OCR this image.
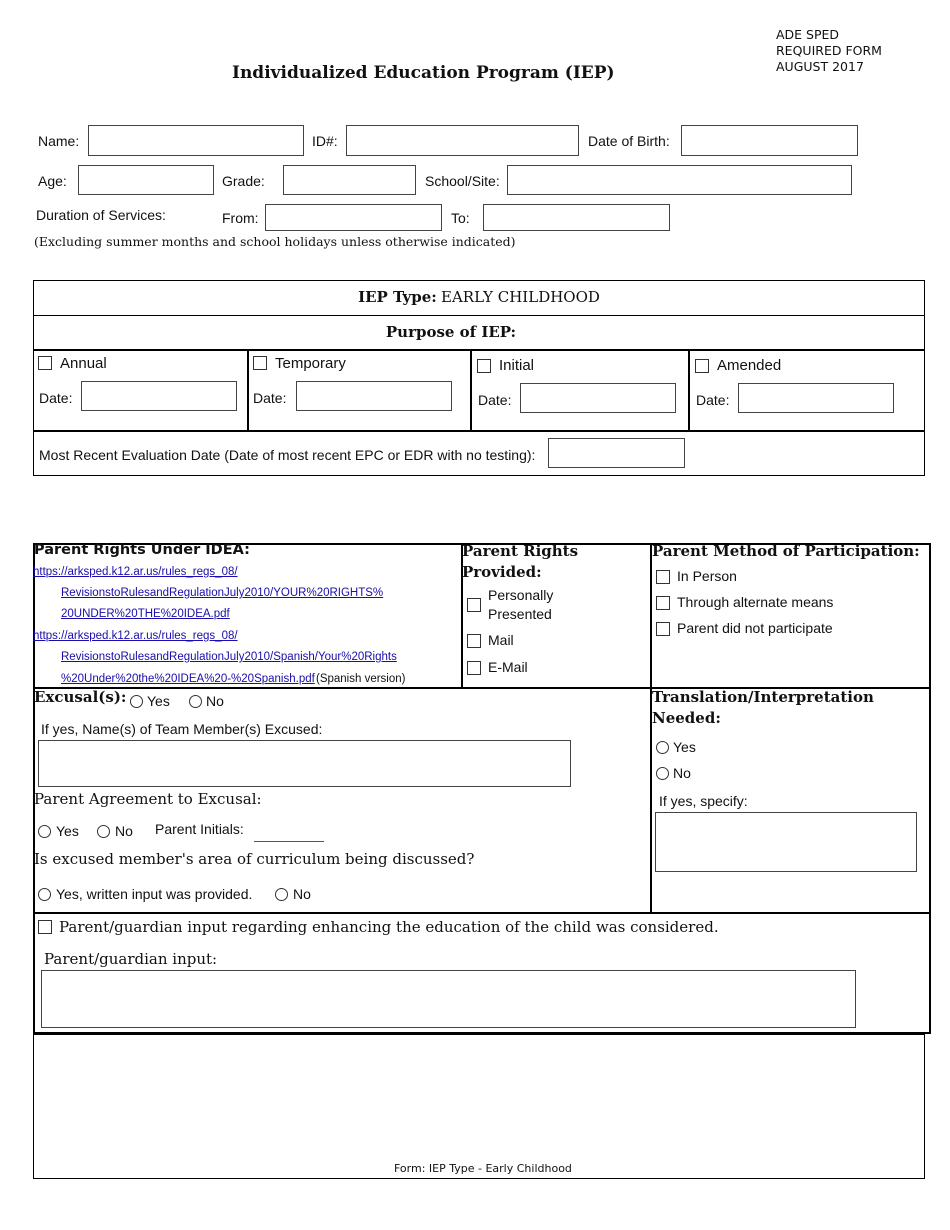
ADE SPED
REQUIRED FORM
AUGUST 2017
Individualized Education Program (IEP)
Name:	ID#:	Date of Birth:
Age:	Grade:	School/Site:
Duration of Services:	From:	To:
(Excluding summer months and school holidays unless otherwise indicated)
IEP Type: EARLY CHILDHOOD
Purpose of IEP:
Annual
Date:
Temporary
Date:
Initial
Date:
Amended
Date:
Most Recent Evaluation Date (Date of most recent EPC or EDR with no testing):
Parent Rights Under IDEA:
https://arksped.k12.ar.us/rules_regs_08/
RevisionstoRulesandRegulationJuly2010/YOUR%20RIGHTS%
20UNDER%20THE%20IDEA.pdf
https://arksped.k12.ar.us/rules_regs_08/
RevisionstoRulesandRegulationJuly2010/Spanish/Your%20Rights
%20Under%20the%20IDEA%20-%20Spanish.pdf (Spanish version)
Parent Rights
Provided:
Personally
Presented
Mail
E-Mail
Parent Method of Participation:
In Person
Through alternate means
Parent did not participate
Excusal(s): Yes	No
If yes, Name(s) of Team Member(s) Excused:
Parent Agreement to Excusal:
Yes	No Parent Initials:
Is excused member's area of curriculum being discussed?
Yes, written input was provided.	No
Translation/Interpretation
Needed:
Yes
No
If yes, specify:
Parent/guardian input regarding enhancing the education of the child was considered.
Parent/guardian input:
Form: IEP Type - Early Childhood
